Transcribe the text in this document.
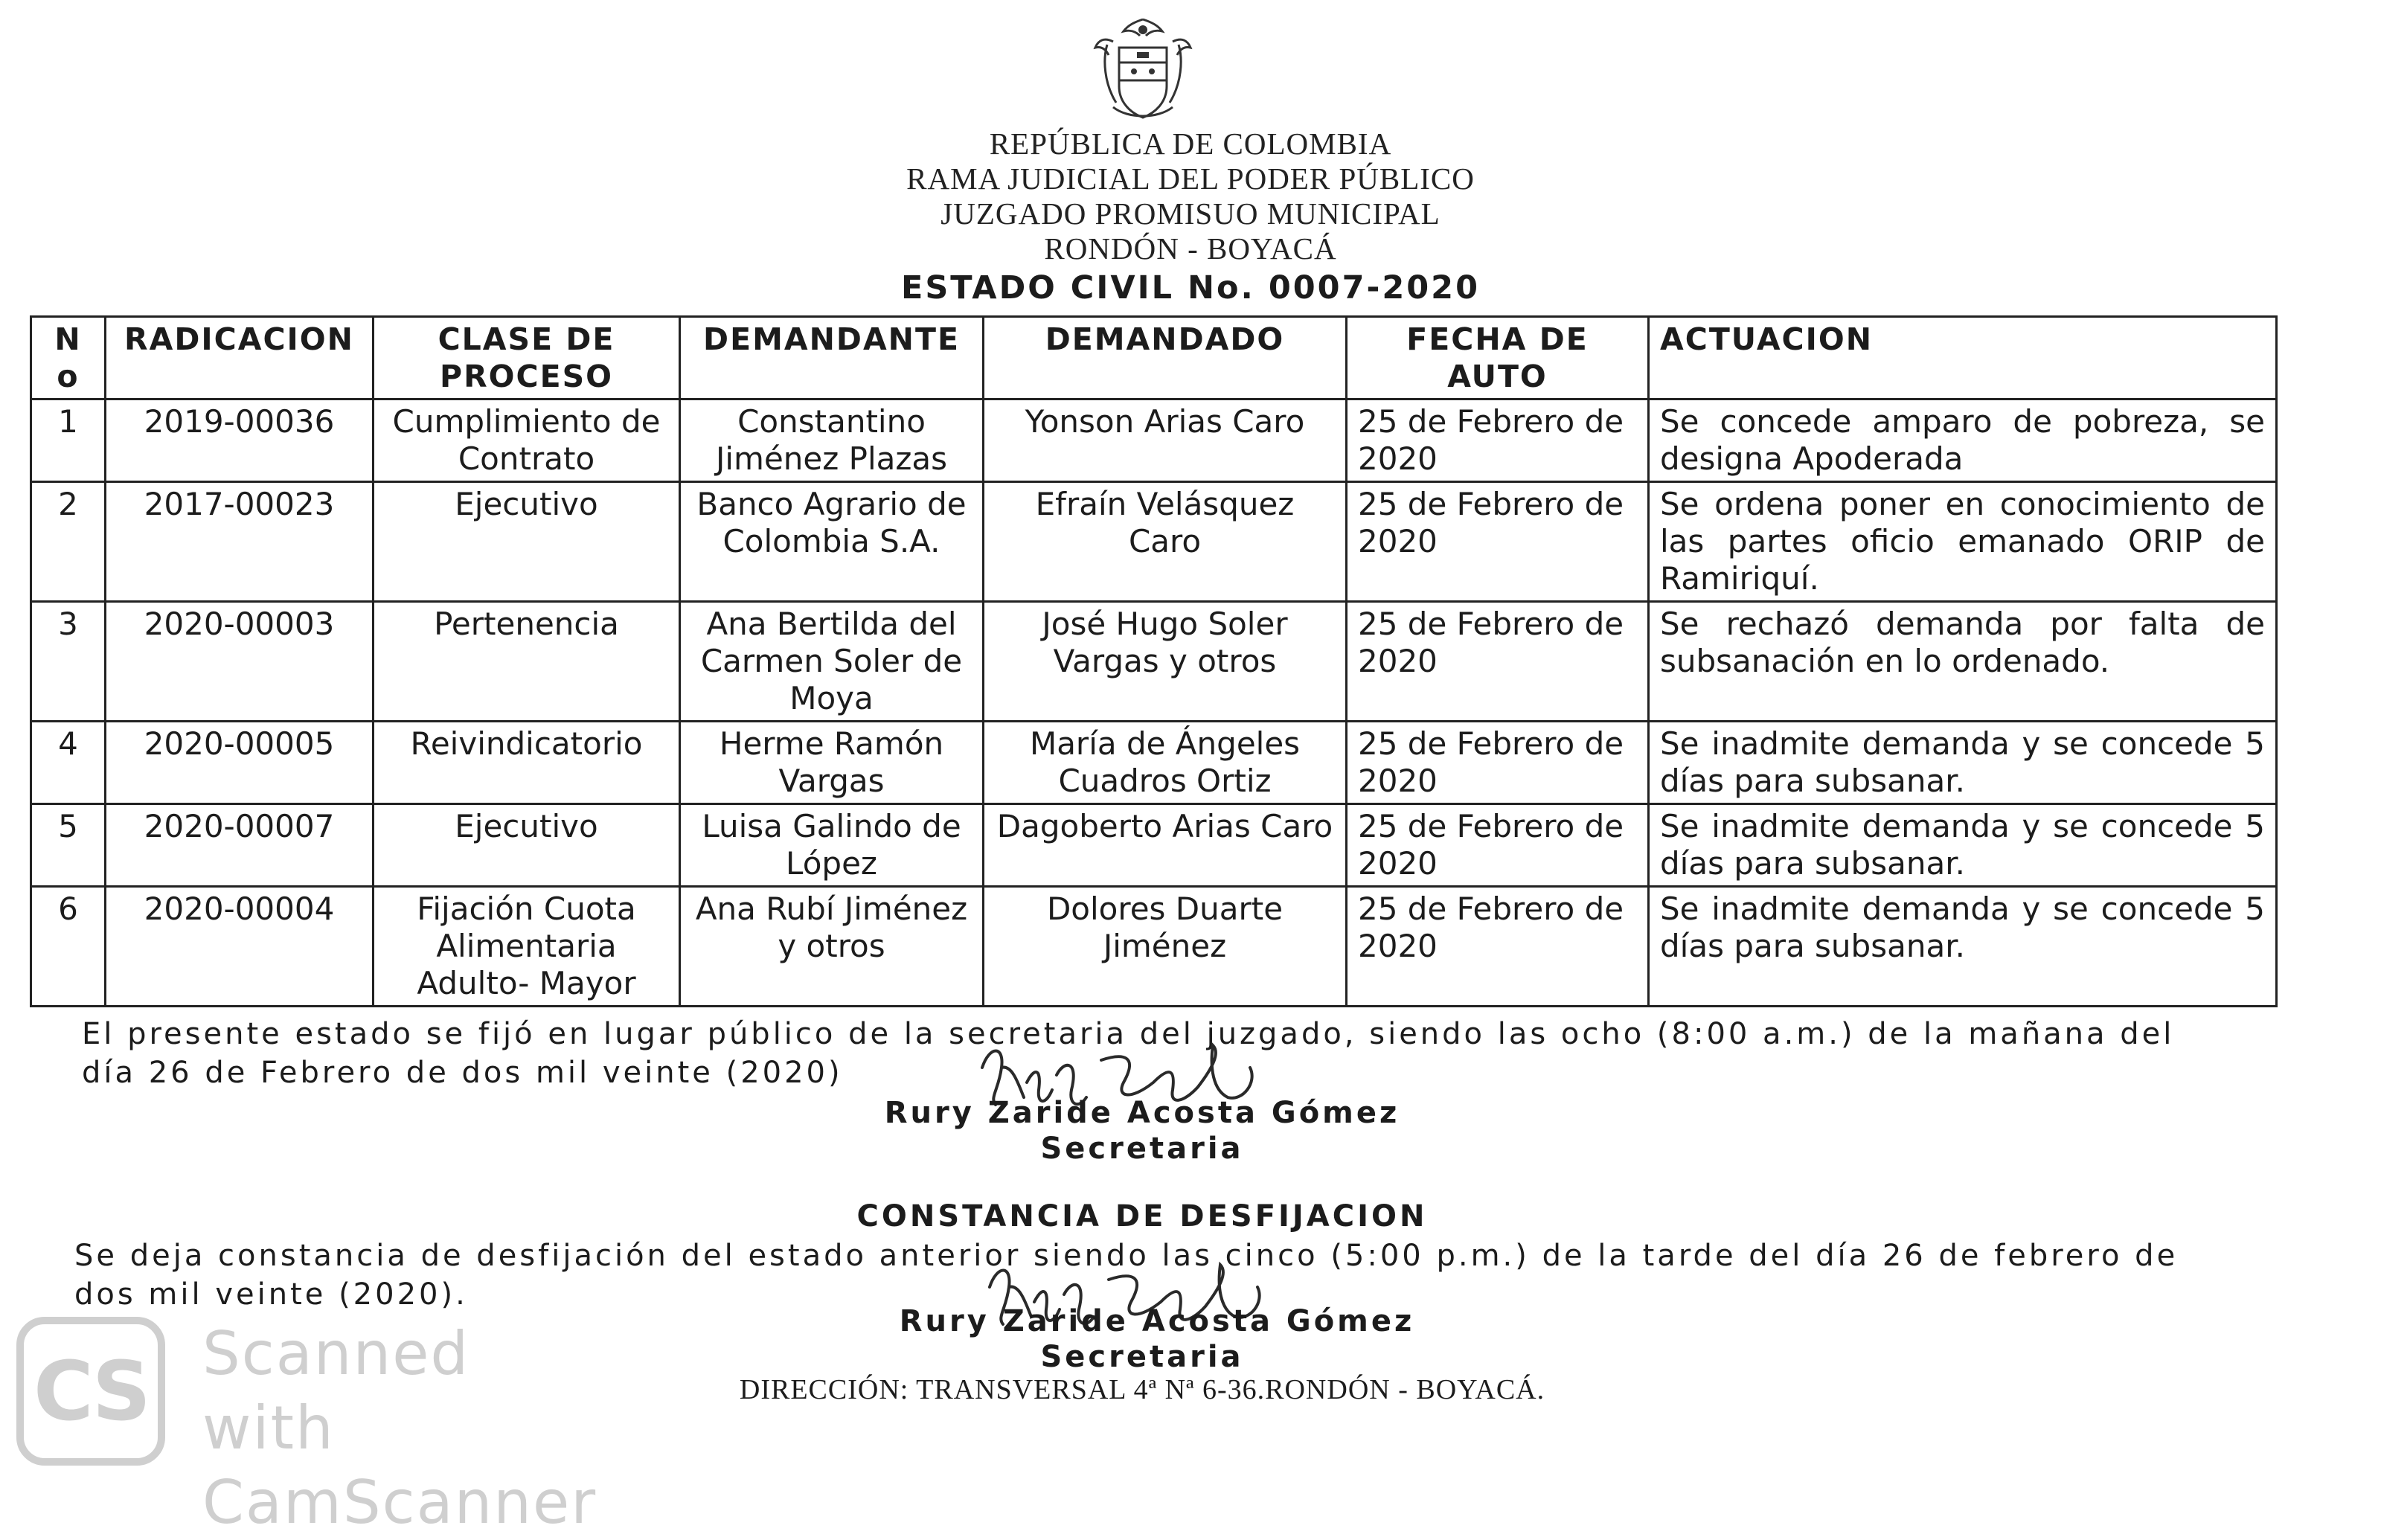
REPÚBLICA DE COLOMBIA
RAMA JUDICIAL DEL PODER PÚBLICO
JUZGADO PROMISUO MUNICIPAL
RONDÓN - BOYACÁ
ESTADO CIVIL No. 0007-2020
N o	RADICACION	CLASE DE PROCESO	DEMANDANTE	DEMANDADO	FECHA DE AUTO	ACTUACION
1	2019-00036	Cumplimiento de Contrato	Constantino Jiménez Plazas	Yonson Arias Caro	25 de Febrero de 2020	Se concede amparo de pobreza, se designa Apoderada
2	2017-00023	Ejecutivo	Banco Agrario de Colombia S.A.	Efraín Velásquez Caro	25 de Febrero de 2020	Se ordena poner en conocimiento de las partes oficio emanado ORIP de Ramiriquí.
3	2020-00003	Pertenencia	Ana Bertilda del Carmen Soler de Moya	José Hugo Soler Vargas y otros	25 de Febrero de 2020	Se rechazó demanda por falta de subsanación en lo ordenado.
4	2020-00005	Reivindicatorio	Herme Ramón Vargas	María de Ángeles Cuadros Ortiz	25 de Febrero de 2020	Se inadmite demanda y se concede 5 días para subsanar.
5	2020-00007	Ejecutivo	Luisa Galindo de López	Dagoberto Arias Caro	25 de Febrero de 2020	Se inadmite demanda y se concede 5 días para subsanar.
6	2020-00004	Fijación Cuota Alimentaria Adulto- Mayor	Ana Rubí Jiménez y otros	Dolores Duarte Jiménez	25 de Febrero de 2020	Se inadmite demanda y se concede 5 días para subsanar.
El presente estado se fijó en lugar público de la secretaria del juzgado, siendo las ocho (8:00 a.m.) de la mañana del día 26 de Febrero de dos mil veinte (2020)
Rury Zaride Acosta Gómez
Secretaria
CONSTANCIA DE DESFIJACION
Se deja constancia de desfijación del estado anterior siendo las cinco (5:00 p.m.) de la tarde del día 26 de febrero de dos mil veinte (2020).
Rury Zaride Acosta Gómez
Secretaria
DIRECCIÓN: TRANSVERSAL 4ª Nª 6-36.RONDÓN - BOYACÁ.
CS Scanned with
CamScanner
